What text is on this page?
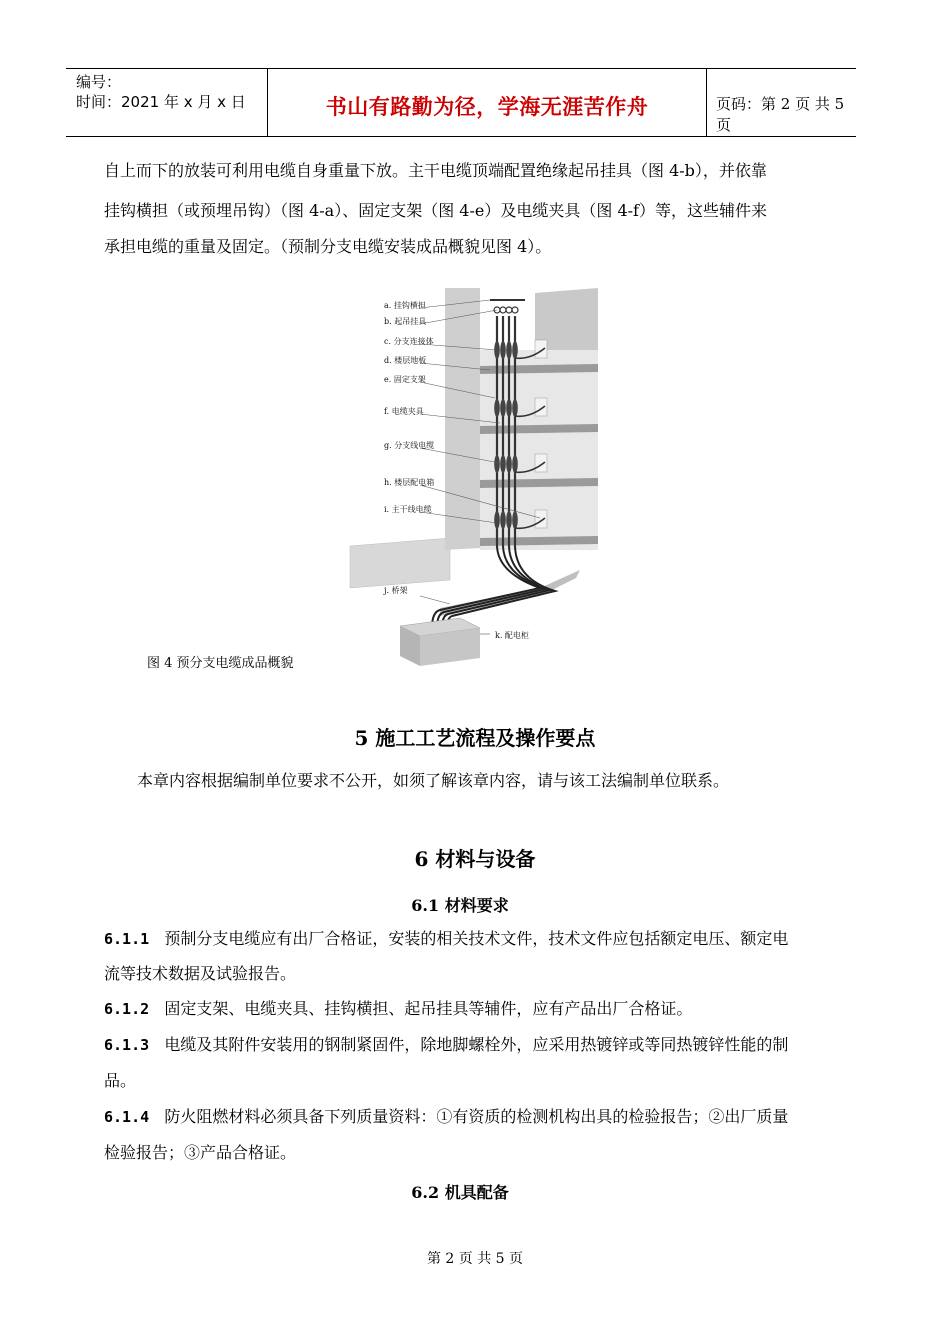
编号：
时间：2021 年 x 月 x 日	书山有路勤为径，学海无涯苦作舟	页码：第 2 页 共 5 页
自上而下的放装可利用电缆自身重量下放。主干电缆顶端配置绝缘起吊挂具（图 4-b），并依靠
挂钩横担（或预埋吊钩）（图 4-a）、固定支架（图 4-e）及电缆夹具（图 4-f）等，这些辅件来
承担电缆的重量及固定。（预制分支电缆安装成品概貌见图 4）。
a. 挂钩横担
b. 起吊挂具
c. 分支连接体
d. 楼层地板
e. 固定支架
f. 电缆夹具
g. 分支线电缆
h. 楼层配电箱
i. 主干线电缆
j. 桥架
k. 配电柜
图 4 预分支电缆成品概貌
5 施工工艺流程及操作要点
本章内容根据编制单位要求不公开，如须了解该章内容，请与该工法编制单位联系。
6 材料与设备
6.1 材料要求
6.1.1 预制分支电缆应有出厂合格证，安装的相关技术文件，技术文件应包括额定电压、额定电
流等技术数据及试验报告。
6.1.2 固定支架、电缆夹具、挂钩横担、起吊挂具等辅件，应有产品出厂合格证。
6.1.3 电缆及其附件安装用的钢制紧固件，除地脚螺栓外，应采用热镀锌或等同热镀锌性能的制
品。
6.1.4 防火阻燃材料必须具备下列质量资料：①有资质的检测机构出具的检验报告；②出厂质量
检验报告；③产品合格证。
6.2 机具配备
第 2 页 共 5 页
